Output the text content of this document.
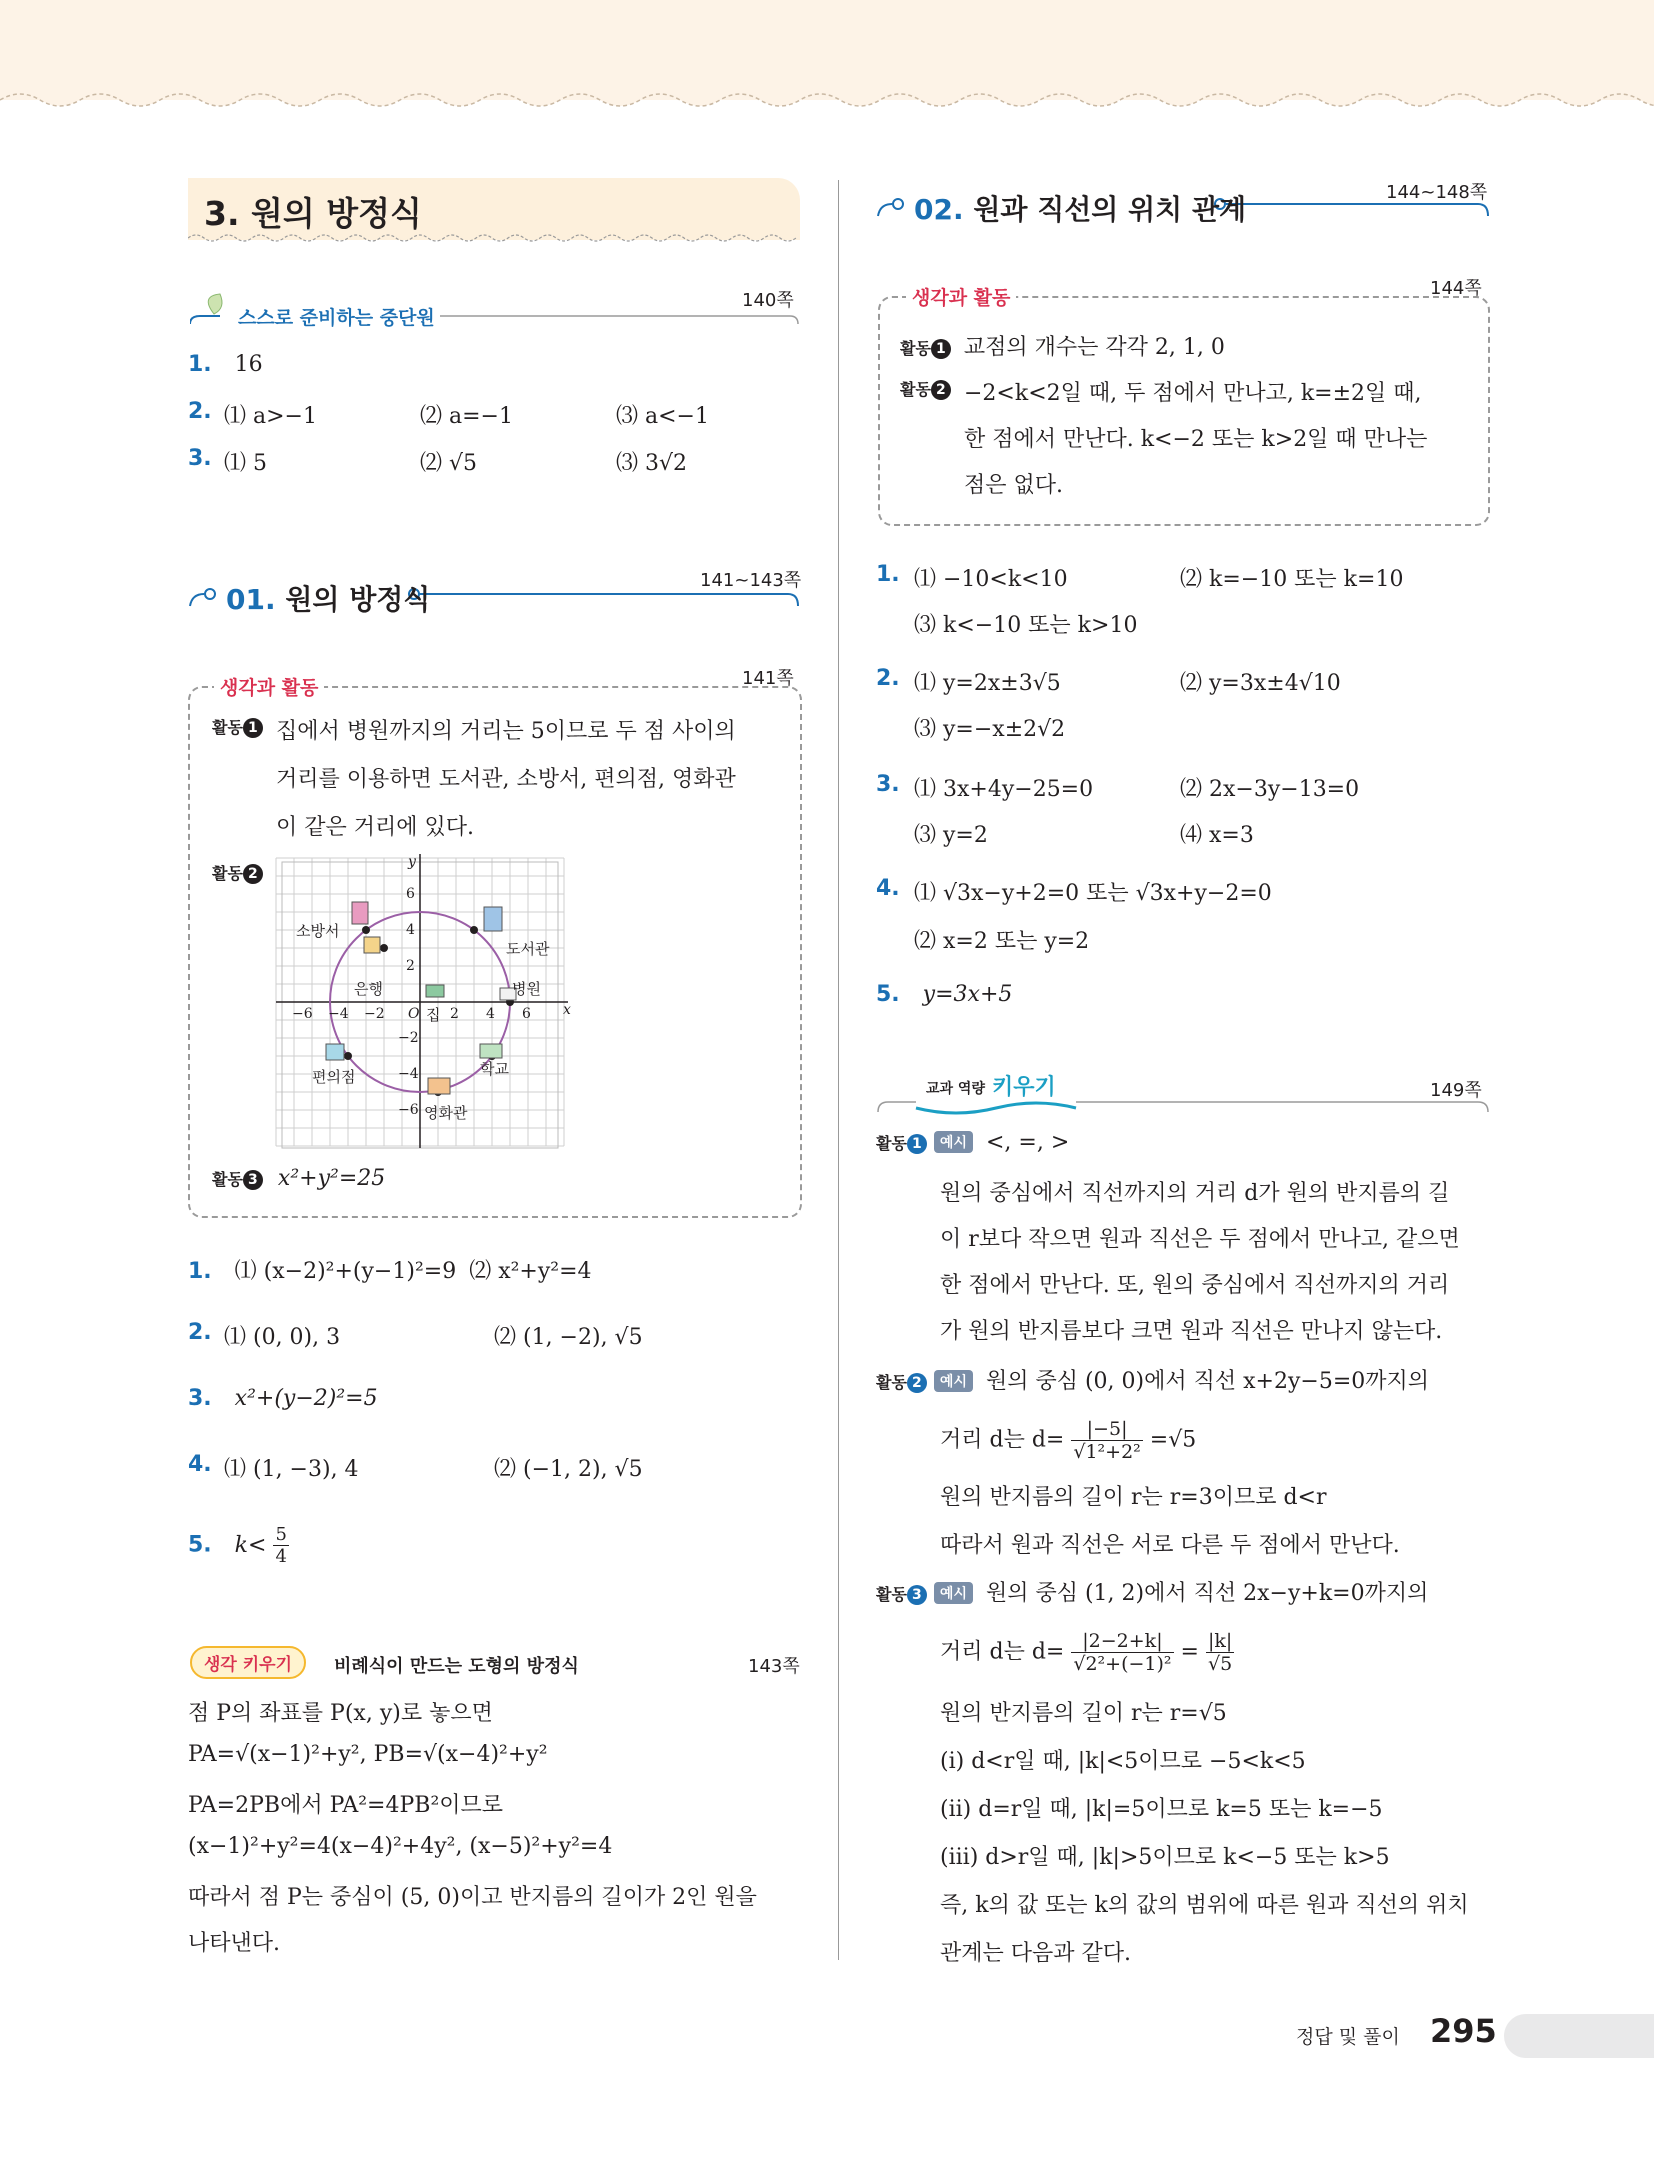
3. 원의 방정식
스스로 준비하는 중단원
140쪽
1. 16
2. ⑴ a>−1	⑵ a=−1	⑶ a<−1
3. ⑴ 5	⑵ √5	⑶ 3√2
01. 원의 방정식
141~143쪽
생각과 활동	141쪽
활동 1 집에서 병원까지의 거리는 5이므로 두 점 사이의
거리를 이용하면 도서관, 소방서, 편의점, 영화관
이 같은 거리에 있다.
활동 2
x
y
O
−6 −4 −2	2 4 6
6
4
2
−2
−4
−6
소방서
도서관
은행	병원
집
편의점	학교
영화관
활동 3 x²+y²=25
1. ⑴ (x−2)²+(y−1)²=9 ⑵ x²+y²=4
2. ⑴ (0, 0), 3	⑵ (1, −2), √5
3. x²+(y−2)²=5
4. ⑴ (1, −3), 4	⑵ (−1, 2), √5
5. $k< \frac{5}{4}$
생각 키우기	비례식이 만드는 도형의 방정식	143쪽
점 P의 좌표를 P(x, y)로 놓으면
PA=√(x−1)²+y², PB=√(x−4)²+y²
PA=2PB에서 PA²=4PB²이므로
(x−1)²+y²=4(x−4)²+4y², (x−5)²+y²=4
따라서 점 P는 중심이 (5, 0)이고 반지름의 길이가 2인 원을
나타낸다.
02. 원과 직선의 위치 관계
144~148쪽
생각과 활동	144쪽
활동 1 교점의 개수는 각각 2, 1, 0
활동 2 −2<k<2일 때, 두 점에서 만나고, k=±2일 때,
한 점에서 만난다. k<−2 또는 k>2일 때 만나는
점은 없다.
1. ⑴ −10<k<10	⑵ k=−10 또는 k=10
⑶ k<−10 또는 k>10
2. ⑴ y=2x±3√5	⑵ y=3x±4√10
⑶ y=−x±2√2
3. ⑴ 3x+4y−25=0	⑵ 2x−3y−13=0
⑶ y=2	⑷ x=3
4. ⑴ √3x−y+2=0 또는 √3x+y−2=0
⑵ x=2 또는 y=2
5. y=3x+5
교과 역량 키우기	149쪽
활동 1 예시 <, =, >
원의 중심에서 직선까지의 거리 d가 원의 반지름의 길
이 r보다 작으면 원과 직선은 두 점에서 만나고, 같으면
한 점에서 만난다. 또, 원의 중심에서 직선까지의 거리
가 원의 반지름보다 크면 원과 직선은 만나지 않는다.
활동 2 예시 원의 중심 (0, 0)에서 직선 x+2y−5=0까지의
거리 d는 $d= \frac{|-5|}{\text{√1²+2²}} =√5$
원의 반지름의 길이 r는 r=3이므로 d<r
따라서 원과 직선은 서로 다른 두 점에서 만난다.
활동 3 예시 원의 중심 (1, 2)에서 직선 2x−y+k=0까지의
거리 d는 $d= \frac{|2-2+k|}{\text{√2²+(−1)²}} = \frac{|k|}{√5}$
원의 반지름의 길이 r는 r=√5
(ⅰ) d<r일 때, |k|<5이므로 −5<k<5
(ⅱ) d=r일 때, |k|=5이므로 k=5 또는 k=−5
(ⅲ) d>r일 때, |k|>5이므로 k<−5 또는 k>5
즉, k의 값 또는 k의 값의 범위에 따른 원과 직선의 위치
관계는 다음과 같다.
정답 및 풀이 295
